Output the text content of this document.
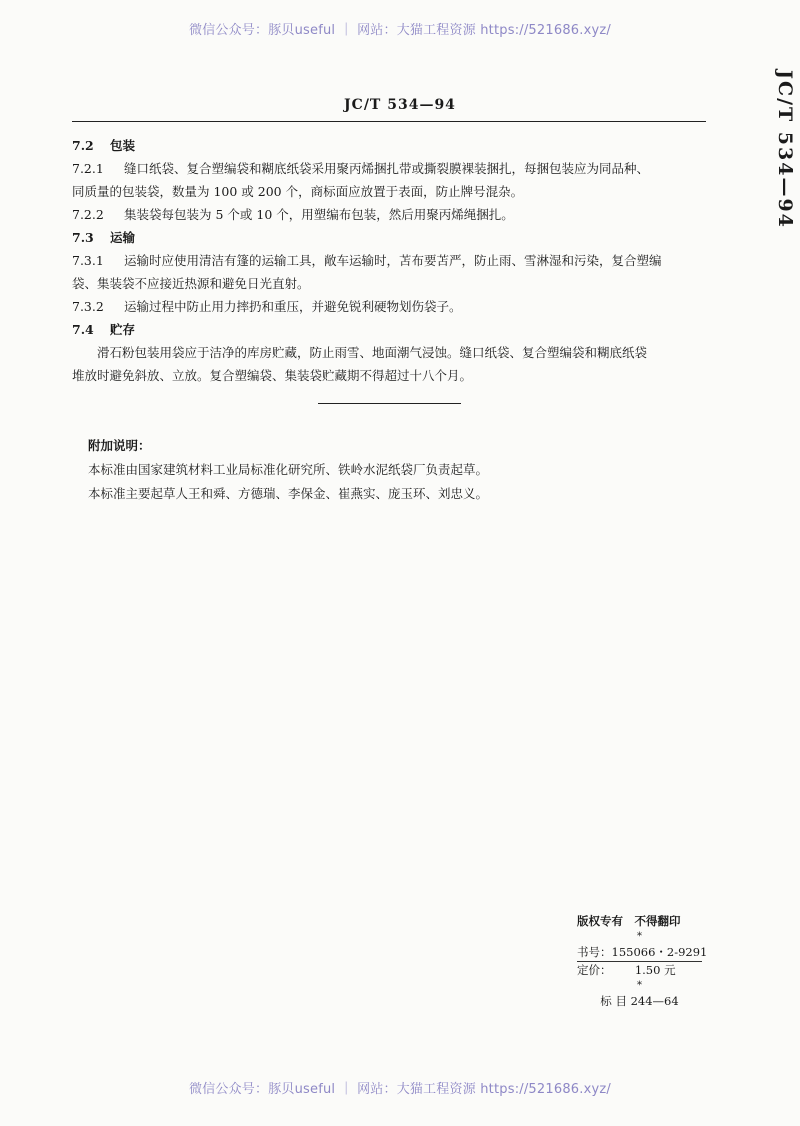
微信公众号：豚贝useful ｜ 网站：大猫工程资源 https://521686.xyz/
JC/T 534—94	JC/T 534—94
7.2 包装
7.2.1 缝口纸袋、复合塑编袋和糊底纸袋采用聚丙烯捆扎带或撕裂膜裸装捆扎，每捆包装应为同品种、
同质量的包装袋，数量为 100 或 200 个，商标面应放置于表面，防止牌号混杂。
7.2.2 集装袋每包装为 5 个或 10 个，用塑编布包装，然后用聚丙烯绳捆扎。
7.3 运输
7.3.1 运输时应使用清洁有篷的运输工具，敞车运输时，苫布要苫严，防止雨、雪淋湿和污染，复合塑编
袋、集装袋不应接近热源和避免日光直射。
7.3.2 运输过程中防止用力摔扔和重压，并避免锐利硬物划伤袋子。
7.4 贮存
滑石粉包装用袋应于洁净的库房贮藏，防止雨雪、地面潮气浸蚀。缝口纸袋、复合塑编袋和糊底纸袋
堆放时避免斜放、立放。复合塑编袋、集装袋贮藏期不得超过十八个月。
附加说明：
本标准由国家建筑材料工业局标准化研究所、铁岭水泥纸袋厂负责起草。
本标准主要起草人王和舜、方德瑞、李保金、崔燕实、庞玉环、刘忠义。
版权专有　不得翻印
*
书号：155066・2-9291
定价： 1.50 元
*
标 目 244—64
微信公众号：豚贝useful ｜ 网站：大猫工程资源 https://521686.xyz/
